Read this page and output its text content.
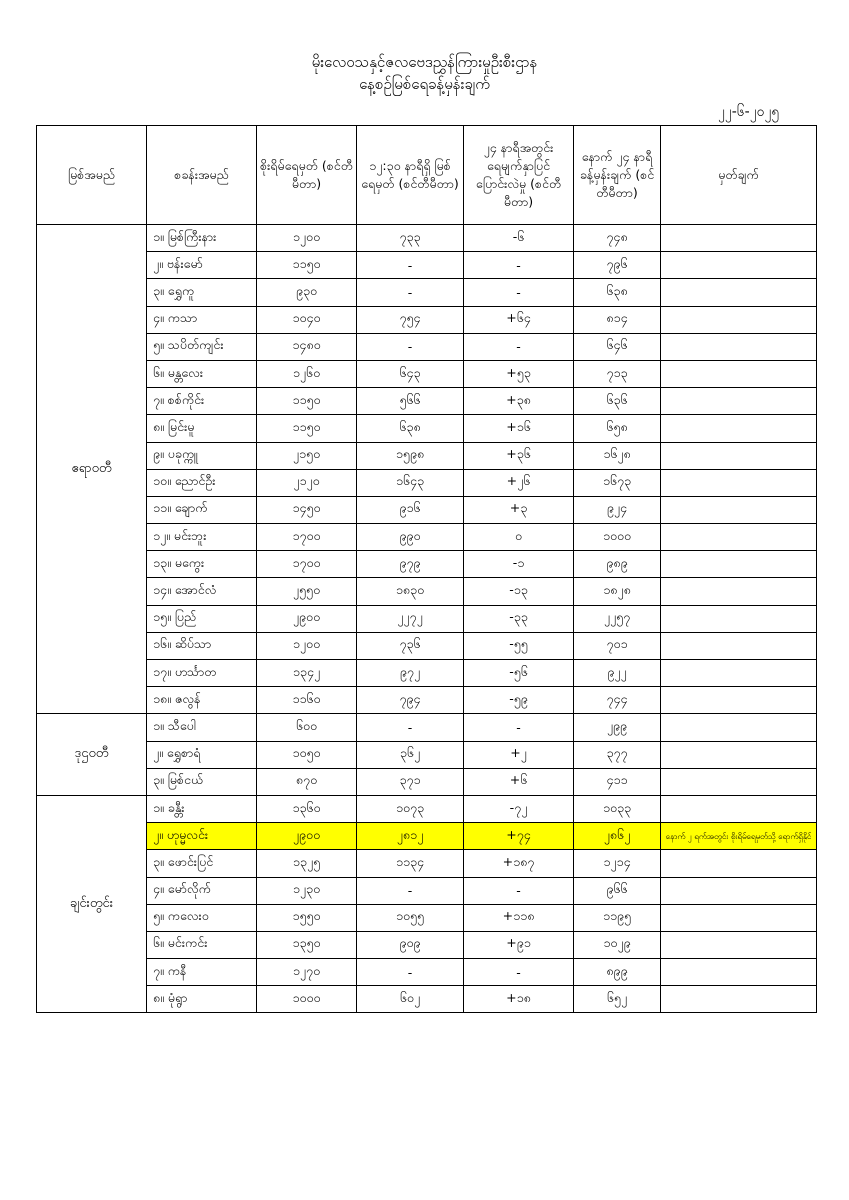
မိုးလေဝသနှင့်ဇလဗေဒညွှန်ကြားမှုဦးစီးဌာန
နေ့စဉ်မြစ်ရေခန့်မှန်းချက်
၂၂-၆-၂၀၂၅
မြစ်အမည်	စခန်းအမည်	စိုးရိမ်ရေမှတ် (စင်တီမီတာ)	၁၂:၃၀ နာရီရှိ မြစ်ရေမှတ် (စင်တီမီတာ)	၂၄ နာရီအတွင်း ရေမျက်နှာပြင် ပြောင်းလဲမှု (စင်တီမီတာ)	နောက် ၂၄ နာရီ ခန့်မှန်းချက် (စင်တီမီတာ)	မှတ်ချက်
ဧရာဝတီ	၁။ မြစ်ကြီးနား	၁၂၀၀	၇၃၃	-၆	၇၄၈	
	၂။ ဗန်းမော်	၁၁၅၀	-	-	၇၉၆	
	၃။ ရွှေကူ	၉၃၀	-	-	၆၃၈	
	၄။ ကသာ	၁၀၄၀	၇၅၄	+၆၄	၈၁၄	
	၅။ သပိတ်ကျင်း	၁၄၈၀	-	-	၆၄၆	
	၆။ မန္တလေး	၁၂၆၀	၆၄၃	+၅၃	၇၁၃	
	၇။ စစ်ကိုင်း	၁၁၅၀	၅၆၆	+၃၈	၆၃၆	
	၈။ မြင်းမူ	၁၁၅၀	၆၃၈	+၁၆	၆၅၈	
	၉။ ပခုက္ကူ	၂၁၅၀	၁၅၉၈	+၃၆	၁၆၂၈	
	၁၀။ ညောင်ဦး	၂၁၂၀	၁၆၄၃	+၂၆	၁၆၇၃	
	၁၁။ ချောက်	၁၄၅၀	၉၁၆	+၃	၉၂၄	
	၁၂။ မင်းဘူး	၁၇၀၀	၉၉၀	၀	၁၀၀၀	
	၁၃။ မကွေး	၁၇၀၀	၉၇၉	-၁	၉၈၉	
	၁၄။ အောင်လံ	၂၅၅၀	၁၈၃၀	-၁၃	၁၈၂၈	
	၁၅။ ပြည်	၂၉၀၀	၂၂၇၂	-၃၃	၂၂၅၇	
	၁၆။ ဆိပ်သာ	၁၂၀၀	၇၃၆	-၅၅	၇၀၁	
	၁၇။ ဟင်္သာတ	၁၃၄၂	၉၇၂	-၅၆	၉၂၂	
	၁၈။ ဇလွန်	၁၁၆၀	၇၉၄	-၅၉	၇၄၄	
ဒုဌဝတီ	၁။ သီပေါ	၆၀၀	-	-	၂၉၉	
	၂။ ရွှေစာရံ	၁၀၅၀	၃၆၂	+၂	၃၇၇	
	၃။ မြစ်ငယ်	၈၇၀	၃၇၁	+၆	၄၁၁	
ချင်းတွင်း	၁။ ခန္တီး	၁၃၆၀	၁၀၇၃	-၇၂	၁၀၃၃	
	၂။ ဟုမ္မလင်း	၂၉၀၀	၂၈၁၂	+၇၄	၂၈၆၂	နောက် ၂ ရက်အတွင်း စိုးရိမ်ရေမှတ်သို့ ရောက်ရှိနိုင်
	၃။ ဖောင်းပြင်	၁၃၂၅	၁၁၃၄	+၁၈၇	၁၂၁၄	
	၄။ မော်လိုက်	၁၂၃၀	-	-	၉၆၆	
	၅။ ကလေးဝ	၁၅၅၀	၁၀၅၅	+၁၁၈	၁၁၉၅	
	၆။ မင်းကင်း	၁၃၅၀	၉၀၉	+၉၁	၁၀၂၉	
	၇။ ကနီ	၁၂၇၀	-	-	၈၉၉	
	၈။ မုံရွာ	၁၀၀၀	၆၀၂	+၁၈	၆၅၂	
